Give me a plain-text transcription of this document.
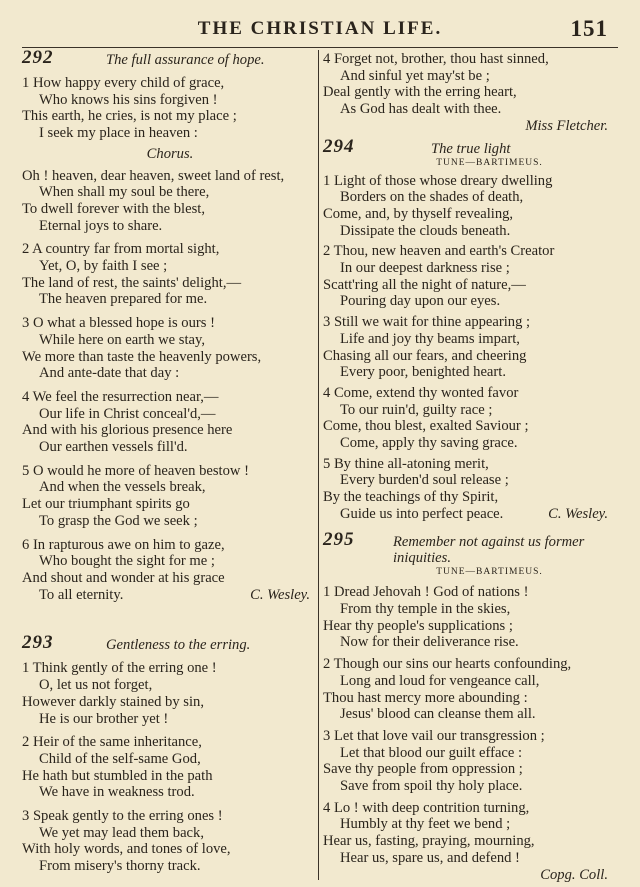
THE CHRISTIAN LIFE.	151
292	The full assurance of hope.
1 How happy every child of grace,
Who knows his sins forgiven !
This earth, he cries, is not my place ;
I seek my place in heaven :
Chorus.
Oh ! heaven, dear heaven, sweet land of rest,
When shall my soul be there,
To dwell forever with the blest,
Eternal joys to share.
2 A country far from mortal sight,
Yet, O, by faith I see ;
The land of rest, the saints' delight,—
The heaven prepared for me.
3 O what a blessed hope is ours !
While here on earth we stay,
We more than taste the heavenly powers,
And ante-date that day :
4 We feel the resurrection near,—
Our life in Christ conceal'd,—
And with his glorious presence here
Our earthen vessels fill'd.
5 O would he more of heaven bestow !
And when the vessels break,
Let our triumphant spirits go
To grasp the God we seek ;
6 In rapturous awe on him to gaze,
Who bought the sight for me ;
And shout and wonder at his grace
To all eternity.	C. Wesley.
293	Gentleness to the erring.
1 Think gently of the erring one !
O, let us not forget,
However darkly stained by sin,
He is our brother yet !
2 Heir of the same inheritance,
Child of the self-same God,
He hath but stumbled in the path
We have in weakness trod.
3 Speak gently to the erring ones !
We yet may lead them back,
With holy words, and tones of love,
From misery's thorny track.
4 Forget not, brother, thou hast sinned,
And sinful yet may'st be ;
Deal gently with the erring heart,
As God has dealt with thee.
Miss Fletcher.
294	The true light
TUNE—BARTIMEUS.
1 Light of those whose dreary dwelling
Borders on the shades of death,
Come, and, by thyself revealing,
Dissipate the clouds beneath.
2 Thou, new heaven and earth's Creator
In our deepest darkness rise ;
Scatt'ring all the night of nature,—
Pouring day upon our eyes.
3 Still we wait for thine appearing ;
Life and joy thy beams impart,
Chasing all our fears, and cheering
Every poor, benighted heart.
4 Come, extend thy wonted favor
To our ruin'd, guilty race ;
Come, thou blest, exalted Saviour ;
Come, apply thy saving grace.
5 By thine all-atoning merit,
Every burden'd soul release ;
By the teachings of thy Spirit,
Guide us into perfect peace.	C. Wesley.
295	Remember not against us former
iniquities.
TUNE—BARTIMEUS.
1 Dread Jehovah ! God of nations !
From thy temple in the skies,
Hear thy people's supplications ;
Now for their deliverance rise.
2 Though our sins our hearts confounding,
Long and loud for vengeance call,
Thou hast mercy more abounding :
Jesus' blood can cleanse them all.
3 Let that love vail our transgression ;
Let that blood our guilt efface :
Save thy people from oppression ;
Save from spoil thy holy place.
4 Lo ! with deep contrition turning,
Humbly at thy feet we bend ;
Hear us, fasting, praying, mourning,
Hear us, spare us, and defend !
Copg. Coll.
